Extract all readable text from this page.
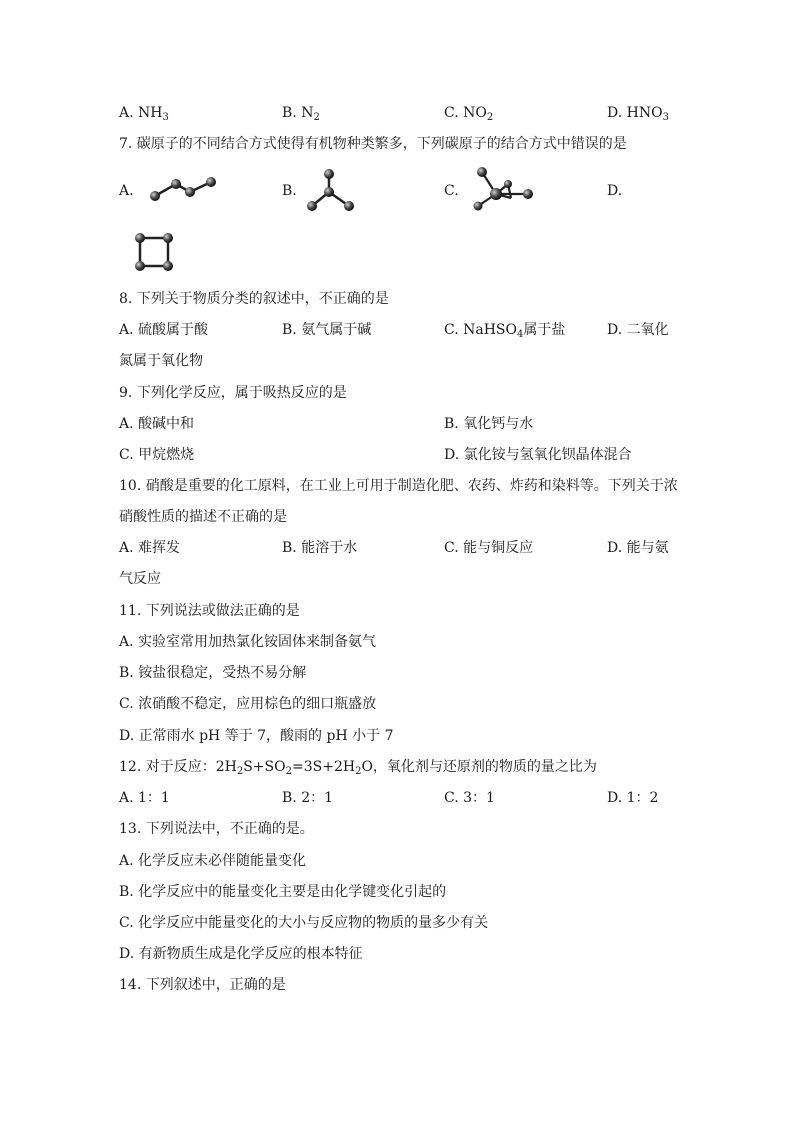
A. $NH_3$	B. $N_2$	C. $NO_2$	D. $HNO_3$
7. 碳原子的不同结合方式使得有机物种类繁多，下列碳原子的结合方式中错误的是
A.	B.	C.	D.
8. 下列关于物质分类的叙述中，不正确的是
A. 硫酸属于酸	B. 氨气属于碱	C. NaHSO$_4$属于盐	D. 二氧化
氮属于氧化物
9. 下列化学反应，属于吸热反应的是
A. 酸碱中和	B. 氧化钙与水
C. 甲烷燃烧	D. 氯化铵与氢氧化钡晶体混合
10. 硝酸是重要的化工原料，在工业上可用于制造化肥、农药、炸药和染料等。下列关于浓
硝酸性质的描述不正确的是
A. 难挥发	B. 能溶于水	C. 能与铜反应	D. 能与氨
气反应
11. 下列说法或做法正确的是
A. 实验室常用加热氯化铵固体来制备氨气
B. 铵盐很稳定，受热不易分解
C. 浓硝酸不稳定，应用棕色的细口瓶盛放
D. 正常雨水 pH 等于 7，酸雨的 pH 小于 7
12. 对于反应：$2H_2S+SO_2=3S+2H_2O$，氧化剂与还原剂的物质的量之比为
A. 1：1	B. 2：1	C. 3：1	D. 1：2
13. 下列说法中，不正确的是。
A. 化学反应未必伴随能量变化
B. 化学反应中的能量变化主要是由化学键变化引起的
C. 化学反应中能量变化的大小与反应物的物质的量多少有关
D. 有新物质生成是化学反应的根本特征
14. 下列叙述中，正确的是
